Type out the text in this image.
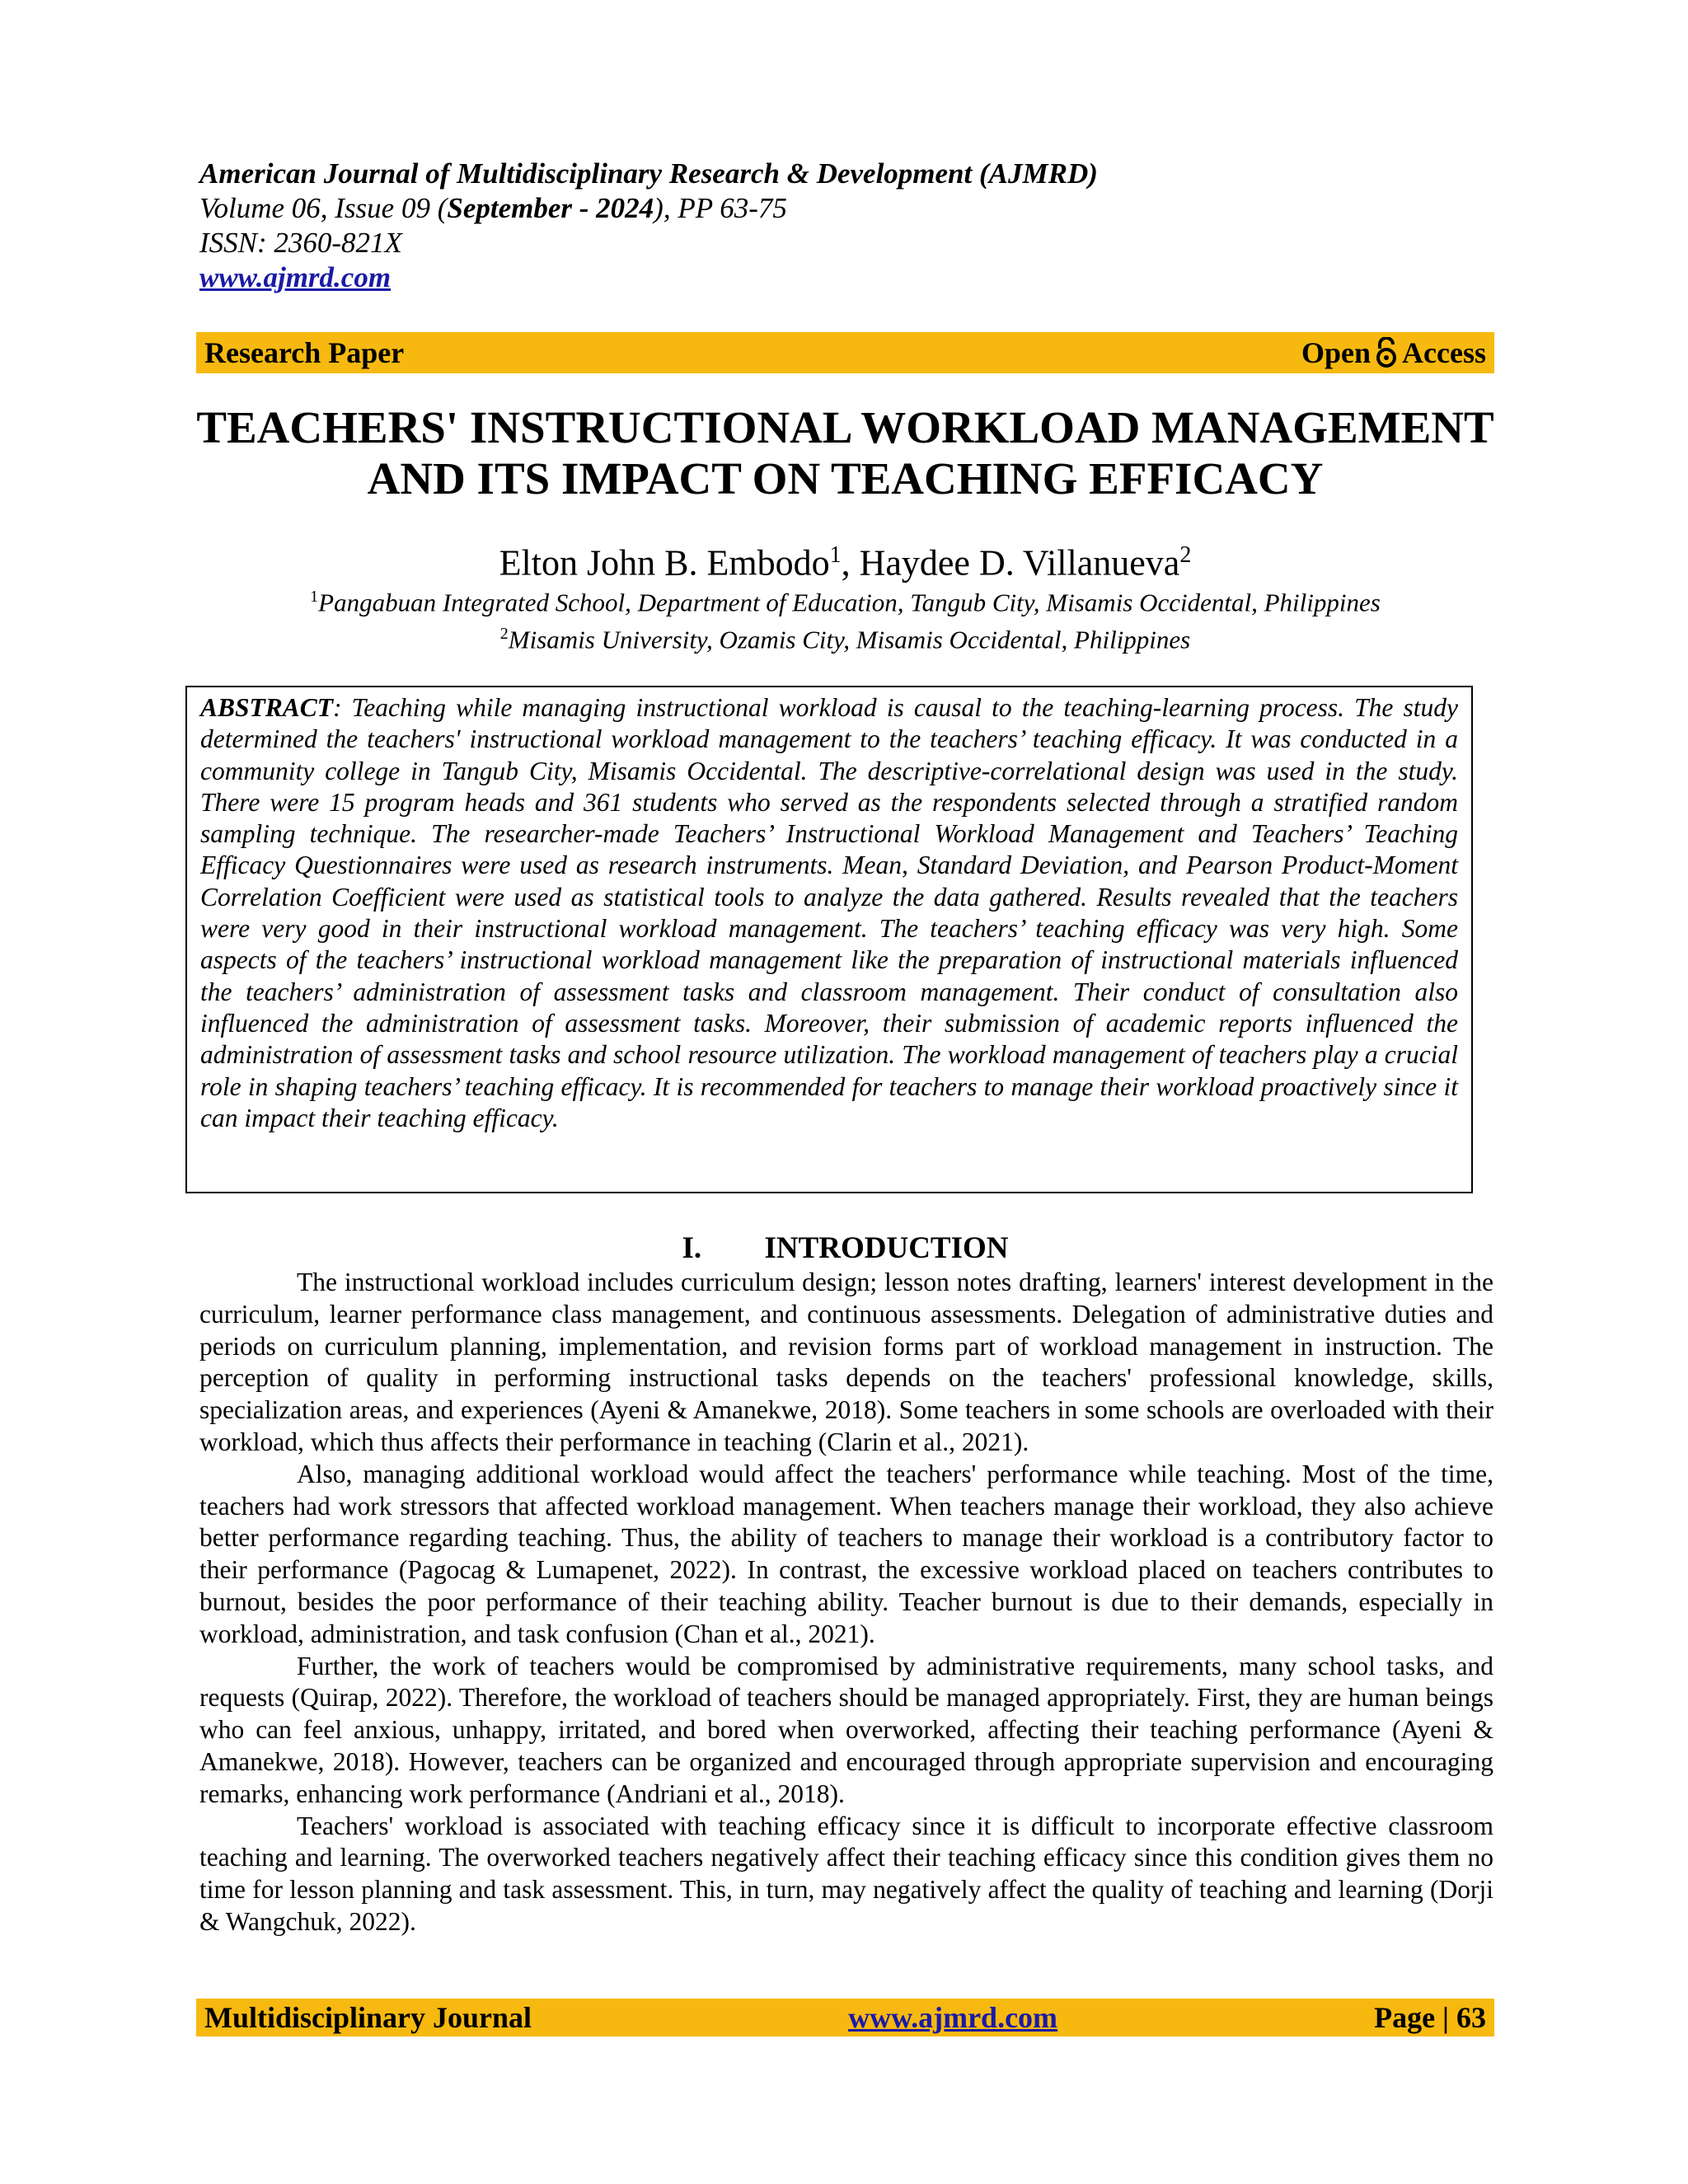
American Journal of Multidisciplinary Research & Development (AJMRD)
Volume 06, Issue 09 (September - 2024), PP 63-75
ISSN: 2360-821X
www.ajmrd.com
Research Paper	Open Access
TEACHERS' INSTRUCTIONAL WORKLOAD MANAGEMENT
AND ITS IMPACT ON TEACHING EFFICACY
Elton John B. Embodo$^1$, Haydee D. Villanueva$^2$
$^1$Pangabuan Integrated School, Department of Education, Tangub City, Misamis Occidental, Philippines
$^2$Misamis University, Ozamis City, Misamis Occidental, Philippines
ABSTRACT: Teaching while managing instructional workload is causal to the teaching-learning process. The study determined the teachers' instructional workload management to the teachers’ teaching efficacy. It was conducted in a community college in Tangub City, Misamis Occidental. The descriptive-correlational design was used in the study. There were 15 program heads and 361 students who served as the respondents selected through a stratified random sampling technique. The researcher-made Teachers’ Instructional Workload Management and Teachers’ Teaching Efficacy Questionnaires were used as research instruments. Mean, Standard Deviation, and Pearson Product-Moment Correlation Coefficient were used as statistical tools to analyze the data gathered. Results revealed that the teachers were very good in their instructional workload management. The teachers’ teaching efficacy was very high. Some aspects of the teachers’ instructional workload management like the preparation of instructional materials influenced the teachers’ administration of assessment tasks and classroom management. Their conduct of consultation also influenced the administration of assessment tasks. Moreover, their submission of academic reports influenced the administration of assessment tasks and school resource utilization. The workload management of teachers play a crucial role in shaping teachers’ teaching efficacy. It is recommended for teachers to manage their workload proactively since it can impact their teaching efficacy.
I. INTRODUCTION

The instructional workload includes curriculum design; lesson notes drafting, learners' interest development in the curriculum, learner performance class management, and continuous assessments. Delegation of administrative duties and periods on curriculum planning, implementation, and revision forms part of workload management in instruction. The perception of quality in performing instructional tasks depends on the teachers' professional knowledge, skills, specialization areas, and experiences (Ayeni & Amanekwe, 2018). Some teachers in some schools are overloaded with their workload, which thus affects their performance in teaching (Clarin et al., 2021).

Also, managing additional workload would affect the teachers' performance while teaching. Most of the time, teachers had work stressors that affected workload management. When teachers manage their workload, they also achieve better performance regarding teaching. Thus, the ability of teachers to manage their workload is a contributory factor to their performance (Pagocag & Lumapenet, 2022). In contrast, the excessive workload placed on teachers contributes to burnout, besides the poor performance of their teaching ability. Teacher burnout is due to their demands, especially in workload, administration, and task confusion (Chan et al., 2021).

Further, the work of teachers would be compromised by administrative requirements, many school tasks, and requests (Quirap, 2022). Therefore, the workload of teachers should be managed appropriately. First, they are human beings who can feel anxious, unhappy, irritated, and bored when overworked, affecting their teaching performance (Ayeni & Amanekwe, 2018). However, teachers can be organized and encouraged through appropriate supervision and encouraging remarks, enhancing work performance (Andriani et al., 2018).

Teachers' workload is associated with teaching efficacy since it is difficult to incorporate effective classroom teaching and learning. The overworked teachers negatively affect their teaching efficacy since this condition gives them no time for lesson planning and task assessment. This, in turn, may negatively affect the quality of teaching and learning (Dorji & Wangchuk, 2022).

Multidisciplinary Journal	www.ajmrd.com	Page | 63
